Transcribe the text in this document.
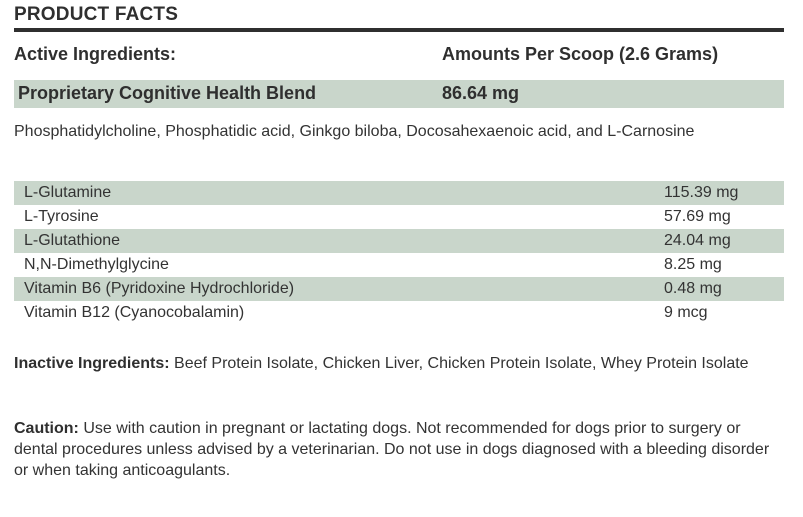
PRODUCT FACTS
Active Ingredients:	Amounts Per Scoop (2.6 Grams)
Proprietary Cognitive Health Blend	86.64 mg
Phosphatidylcholine, Phosphatidic acid, Ginkgo biloba, Docosahexaenoic acid, and L-Carnosine
L-Glutamine	115.39 mg
L-Tyrosine	57.69 mg
L-Glutathione	24.04 mg
N,N-Dimethylglycine	8.25 mg
Vitamin B6 (Pyridoxine Hydrochloride)	0.48 mg
Vitamin B12 (Cyanocobalamin)	9 mcg
Inactive Ingredients: Beef Protein Isolate, Chicken Liver, Chicken Protein Isolate, Whey Protein Isolate
Caution: Use with caution in pregnant or lactating dogs. Not recommended for dogs prior to surgery or dental procedures unless advised by a veterinarian. Do not use in dogs diagnosed with a bleeding disorder or when taking anticoagulants.
